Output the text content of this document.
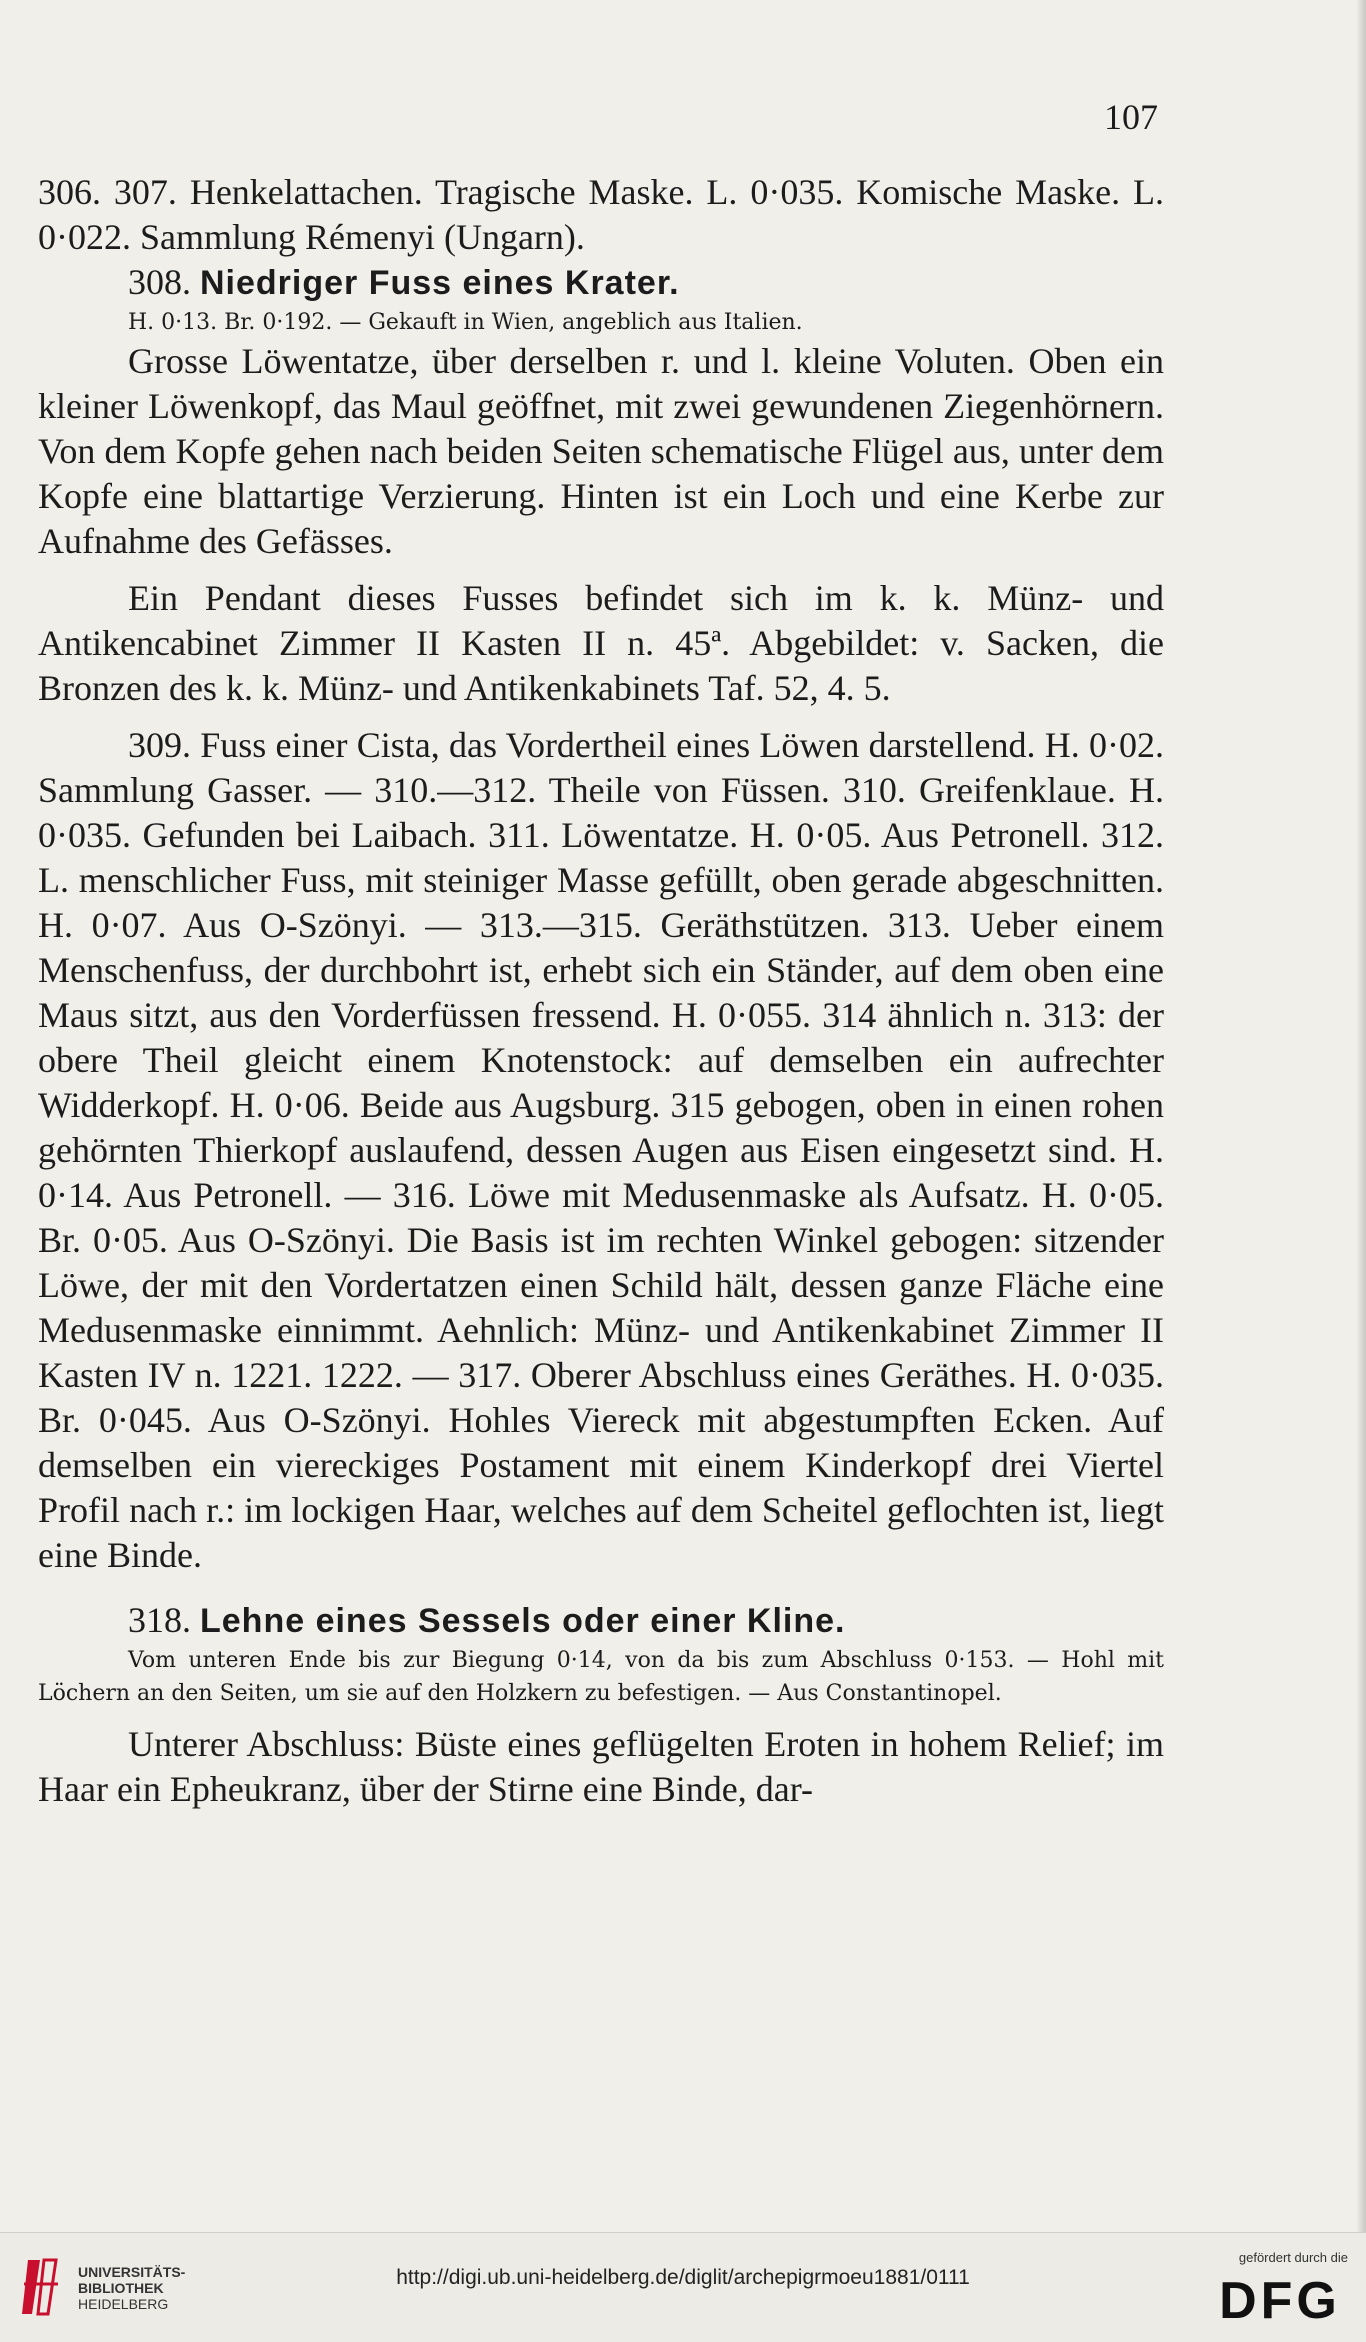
107

306. 307. Henkelattachen. Tragische Maske. L. 0·035. Komische Maske. L. 0·022. Sammlung Rémenyi (Ungarn).

308. Niedriger Fuss eines Krater.

H. 0·13. Br. 0·192. — Gekauft in Wien, angeblich aus Italien.

Grosse Löwentatze, über derselben r. und l. kleine Voluten. Oben ein kleiner Löwenkopf, das Maul geöffnet, mit zwei gewundenen Ziegenhörnern. Von dem Kopfe gehen nach beiden Seiten schematische Flügel aus, unter dem Kopfe eine blattartige Verzierung. Hinten ist ein Loch und eine Kerbe zur Aufnahme des Gefässes.

Ein Pendant dieses Fusses befindet sich im k. k. Münz- und Antikencabinet Zimmer II Kasten II n. 45ª. Abgebildet: v. Sacken, die Bronzen des k. k. Münz- und Antikenkabinets Taf. 52, 4. 5.

309. Fuss einer Cista, das Vordertheil eines Löwen darstellend. H. 0·02. Sammlung Gasser. — 310.—312. Theile von Füssen. 310. Greifenklaue. H. 0·035. Gefunden bei Laibach. 311. Löwentatze. H. 0·05. Aus Petronell. 312. L. menschlicher Fuss, mit steiniger Masse gefüllt, oben gerade abgeschnitten. H. 0·07. Aus O-Szönyi. — 313.—315. Geräthstützen. 313. Ueber einem Menschenfuss, der durchbohrt ist, erhebt sich ein Ständer, auf dem oben eine Maus sitzt, aus den Vorderfüssen fressend. H. 0·055. 314 ähnlich n. 313: der obere Theil gleicht einem Knotenstock: auf demselben ein aufrechter Widderkopf. H. 0·06. Beide aus Augsburg. 315 gebogen, oben in einen rohen gehörnten Thierkopf auslaufend, dessen Augen aus Eisen eingesetzt sind. H. 0·14. Aus Petronell. — 316. Löwe mit Medusenmaske als Aufsatz. H. 0·05. Br. 0·05. Aus O-Szönyi. Die Basis ist im rechten Winkel gebogen: sitzender Löwe, der mit den Vordertatzen einen Schild hält, dessen ganze Fläche eine Medusenmaske einnimmt. Aehnlich: Münz- und Antikenkabinet Zimmer II Kasten IV n. 1221. 1222. — 317. Oberer Abschluss eines Geräthes. H. 0·035. Br. 0·045. Aus O-Szönyi. Hohles Viereck mit abgestumpften Ecken. Auf demselben ein viereckiges Postament mit einem Kinderkopf drei Viertel Profil nach r.: im lockigen Haar, welches auf dem Scheitel geflochten ist, liegt eine Binde.

318. Lehne eines Sessels oder einer Kline.

Vom unteren Ende bis zur Biegung 0·14, von da bis zum Abschluss 0·153. — Hohl mit Löchern an den Seiten, um sie auf den Holzkern zu befestigen. — Aus Constantinopel.

Unterer Abschluss: Büste eines geflügelten Eroten in hohem Relief; im Haar ein Epheukranz, über der Stirne eine Binde, dar-

UNIVERSITÄTS-
BIBLIOTHEK
HEIDELBERG
http://digi.ub.uni-heidelberg.de/diglit/archepigrmoeu1881/0111
gefördert durch die
DFG
